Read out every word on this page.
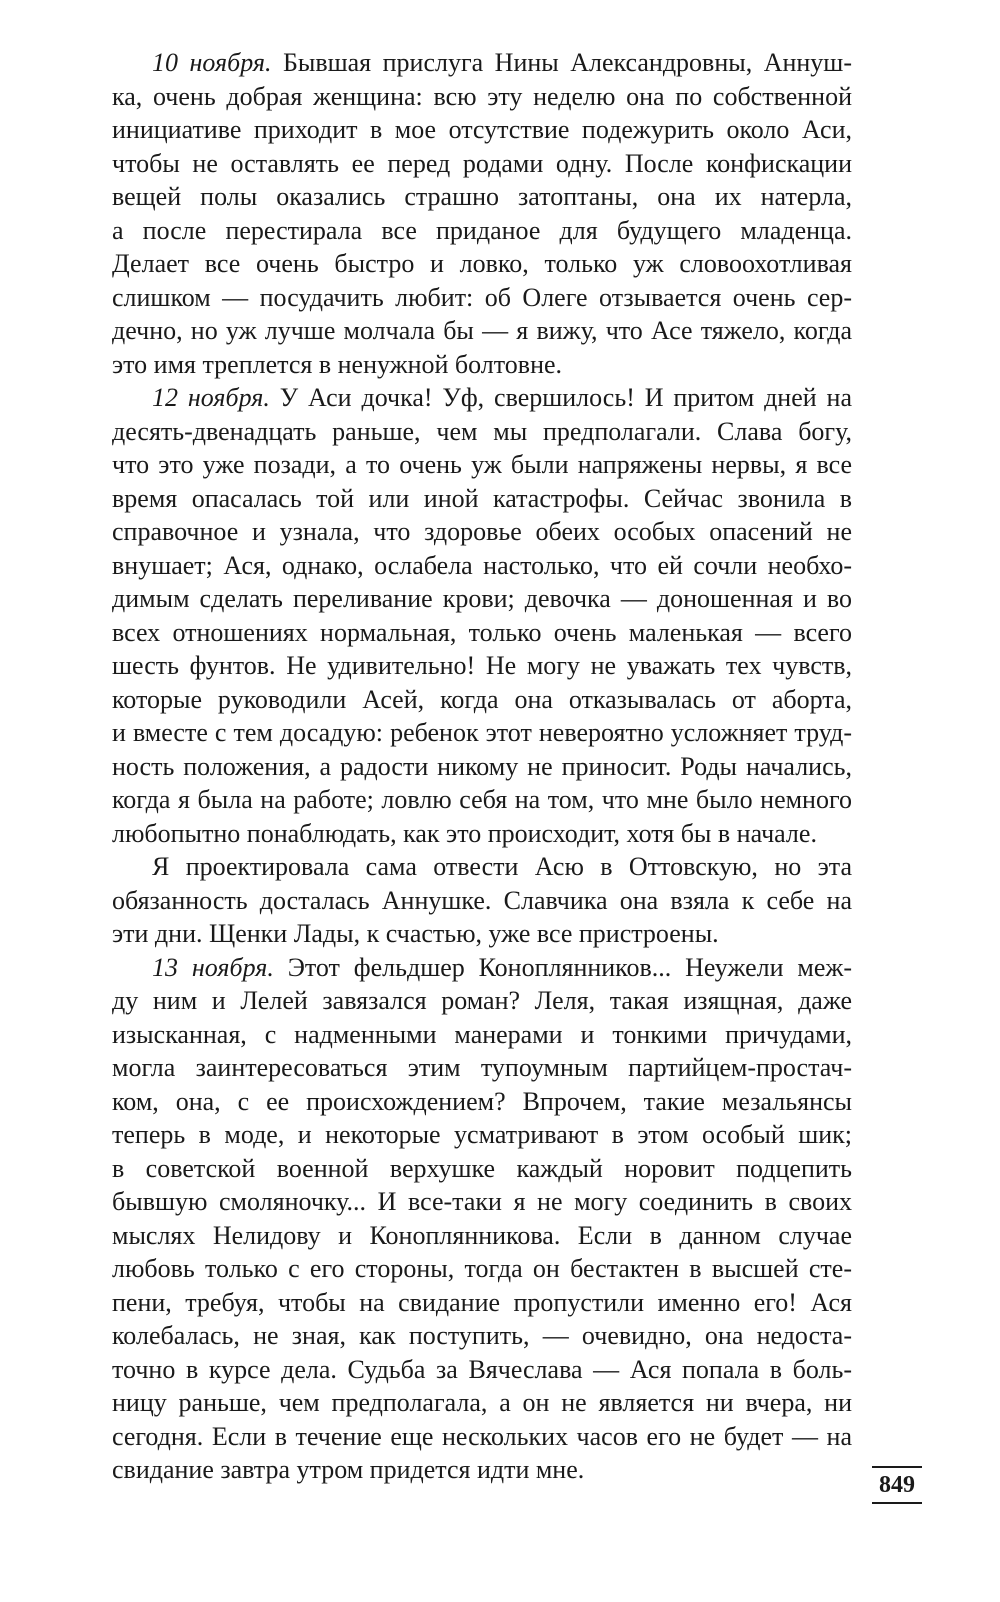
10 ноября. Бывшая прислуга Нины Александровны, Аннуш-
ка, очень добрая женщина: всю эту неделю она по собственной
инициативе приходит в мое отсутствие подежурить около Аси,
чтобы не оставлять ее перед родами одну. После конфискации
вещей полы оказались страшно затоптаны, она их натерла,
а после перестирала все приданое для будущего младенца.
Делает все очень быстро и ловко, только уж словоохотливая
слишком — посудачить любит: об Олеге отзывается очень сер-
дечно, но уж лучше молчала бы — я вижу, что Асе тяжело, когда
это имя треплется в ненужной болтовне.
12 ноября. У Аси дочка! Уф, свершилось! И притом дней на
десять-двенадцать раньше, чем мы предполагали. Слава богу,
что это уже позади, а то очень уж были напряжены нервы, я все
время опасалась той или иной катастрофы. Сейчас звонила в
справочное и узнала, что здоровье обеих особых опасений не
внушает; Ася, однако, ослабела настолько, что ей сочли необхо-
димым сделать переливание крови; девочка — доношенная и во
всех отношениях нормальная, только очень маленькая — всего
шесть фунтов. Не удивительно! Не могу не уважать тех чувств,
которые руководили Асей, когда она отказывалась от аборта,
и вместе с тем досадую: ребенок этот невероятно усложняет труд-
ность положения, а радости никому не приносит. Роды начались,
когда я была на работе; ловлю себя на том, что мне было немного
любопытно понаблюдать, как это происходит, хотя бы в начале.
Я проектировала сама отвести Асю в Оттовскую, но эта
обязанность досталась Аннушке. Славчика она взяла к себе на
эти дни. Щенки Лады, к счастью, уже все пристроены.
13 ноября. Этот фельдшер Коноплянников... Неужели меж-
ду ним и Лелей завязался роман? Леля, такая изящная, даже
изысканная, с надменными манерами и тонкими причудами,
могла заинтересоваться этим тупоумным партийцем-простач-
ком, она, с ее происхождением? Впрочем, такие мезальянсы
теперь в моде, и некоторые усматривают в этом особый шик;
в советской военной верхушке каждый норовит подцепить
бывшую смоляночку... И все-таки я не могу соединить в своих
мыслях Нелидову и Коноплянникова. Если в данном случае
любовь только с его стороны, тогда он бестактен в высшей сте-
пени, требуя, чтобы на свидание пропустили именно его! Ася
колебалась, не зная, как поступить, — очевидно, она недоста-
точно в курсе дела. Судьба за Вячеслава — Ася попала в боль-
ницу раньше, чем предполагала, а он не является ни вчера, ни
сегодня. Если в течение еще нескольких часов его не будет — на
свидание завтра утром придется идти мне.
849
